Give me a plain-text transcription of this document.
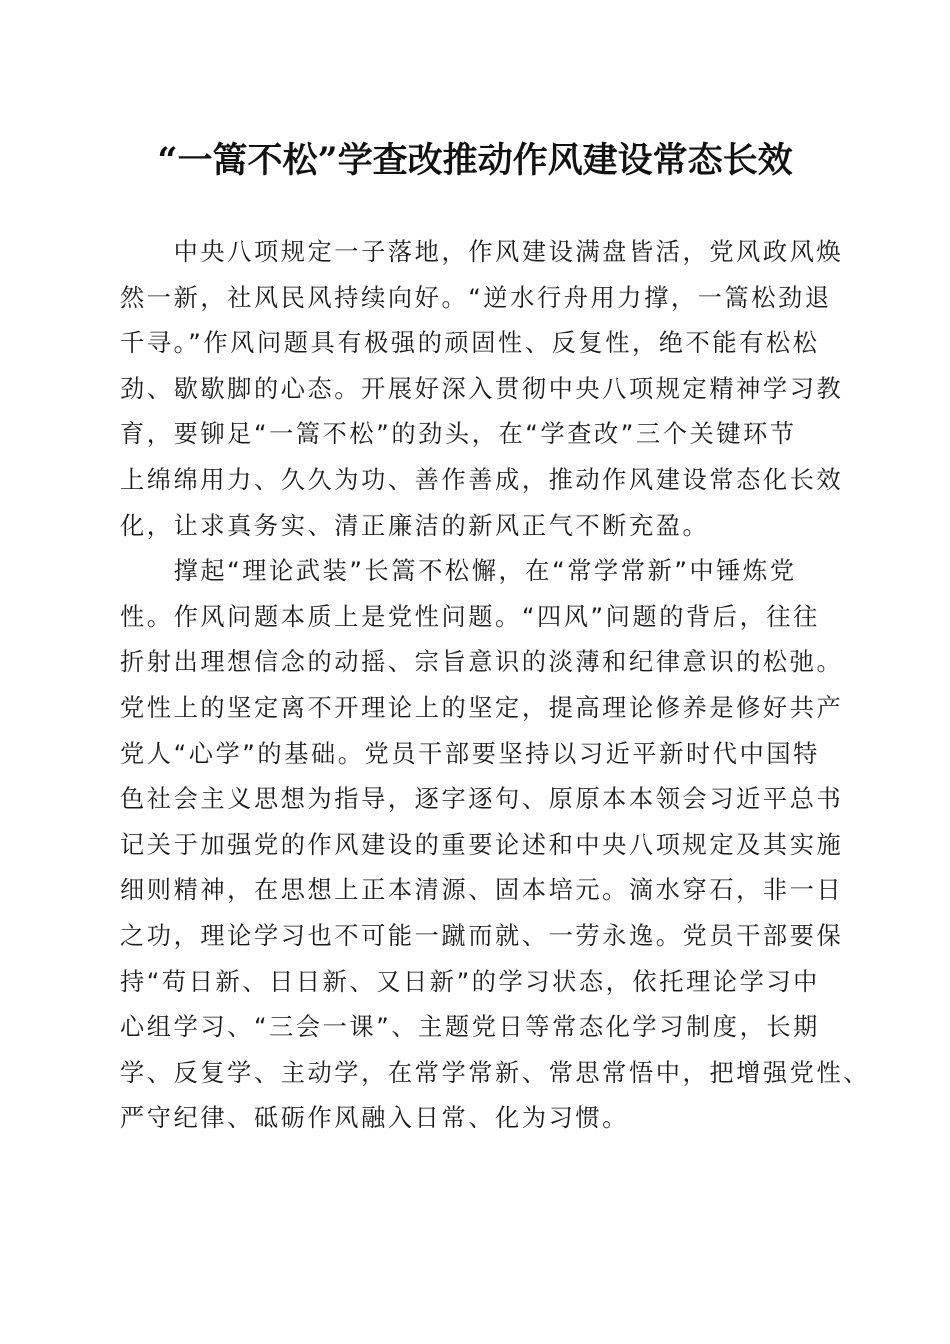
“一篙不松”学查改推动作风建设常态长效
　　中央八项规定一子落地，作风建设满盘皆活，党风政风焕
然一新，社风民风持续向好。“逆水行舟用力撑，一篙松劲退
千寻。”作风问题具有极强的顽固性、反复性，绝不能有松松
劲、歇歇脚的心态。开展好深入贯彻中央八项规定精神学习教
育，要铆足“一篙不松”的劲头，在“学查改”三个关键环节
上绵绵用力、久久为功、善作善成，推动作风建设常态化长效
化，让求真务实、清正廉洁的新风正气不断充盈。
　　撑起“理论武装”长篙不松懈，在“常学常新”中锤炼党
性。作风问题本质上是党性问题。“四风”问题的背后，往往
折射出理想信念的动摇、宗旨意识的淡薄和纪律意识的松弛。
党性上的坚定离不开理论上的坚定，提高理论修养是修好共产
党人“心学”的基础。党员干部要坚持以习近平新时代中国特
色社会主义思想为指导，逐字逐句、原原本本领会习近平总书
记关于加强党的作风建设的重要论述和中央八项规定及其实施
细则精神，在思想上正本清源、固本培元。滴水穿石，非一日
之功，理论学习也不可能一蹴而就、一劳永逸。党员干部要保
持“苟日新、日日新、又日新”的学习状态，依托理论学习中
心组学习、“三会一课”、主题党日等常态化学习制度，长期
学、反复学、主动学，在常学常新、常思常悟中，把增强党性、
严守纪律、砥砺作风融入日常、化为习惯。
